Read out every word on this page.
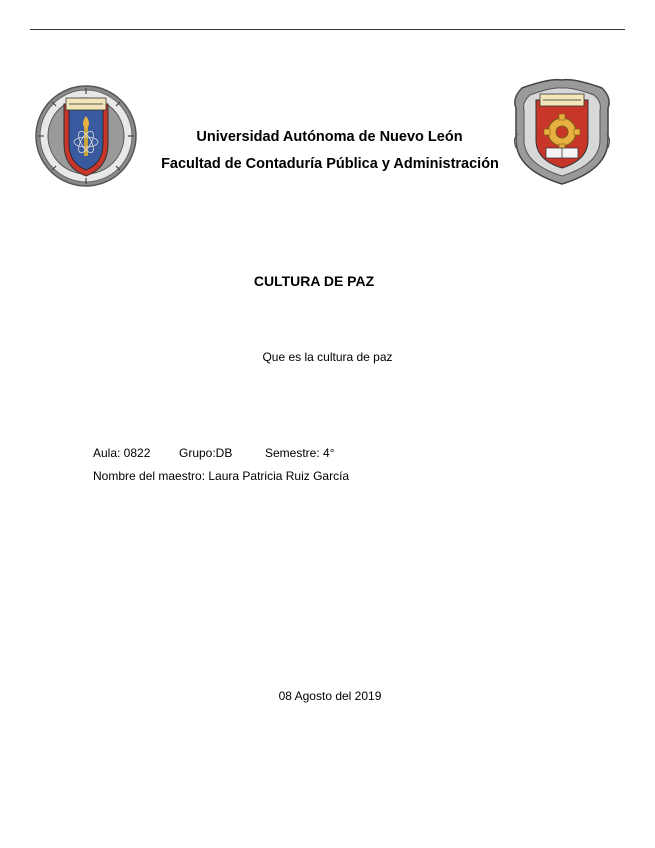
Universidad Autónoma de Nuevo León
Facultad de Contaduría Pública y Administración
CULTURA DE PAZ
Que es la cultura de paz
Aula: 0822 Grupo:DB	Semestre: 4°
Nombre del maestro: Laura Patricia Ruiz García
08 Agosto del 2019
